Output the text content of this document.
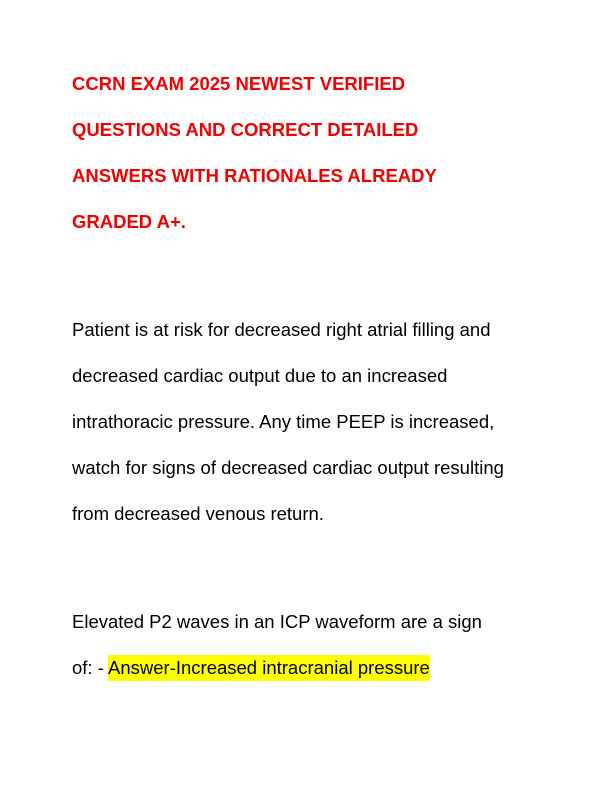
CCRN EXAM 2025 NEWEST VERIFIED
QUESTIONS AND CORRECT DETAILED
ANSWERS WITH RATIONALES ALREADY
GRADED A+.
Patient is at risk for decreased right atrial filling and
decreased cardiac output due to an increased
intrathoracic pressure. Any time PEEP is increased,
watch for signs of decreased cardiac output resulting
from decreased venous return.
Elevated P2 waves in an ICP waveform are a sign
of: - Answer-Increased intracranial pressure
